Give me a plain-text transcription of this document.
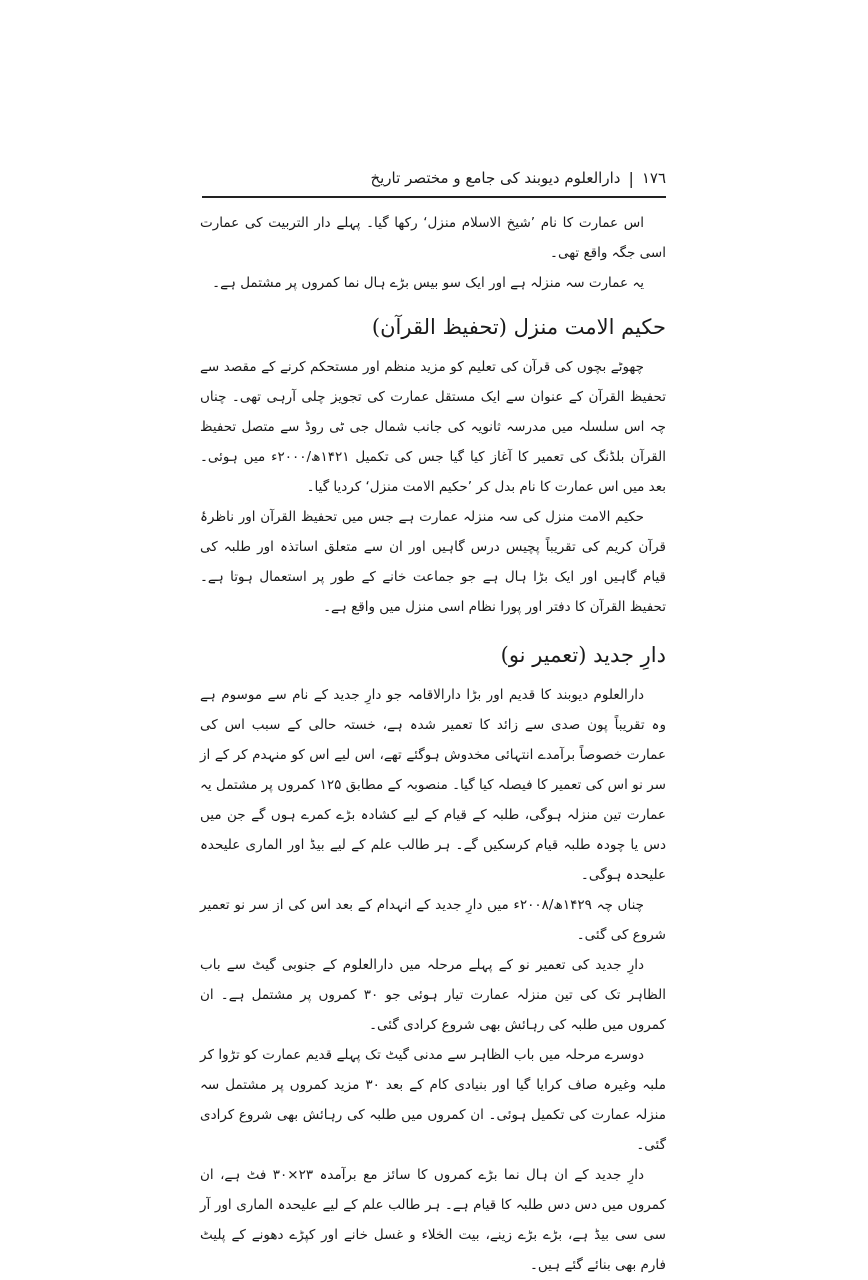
١٧٦
|
دارالعلوم دیوبند کی جامع و مختصر تاریخ

اس عمارت کا نام ’شیخ الاسلام منزل‘ رکھا گیا۔ پہلے دار التربیت کی عمارت اسی جگہ واقع تھی۔

یہ عمارت سہ منزلہ ہے اور ایک سو بیس بڑے ہال نما کمروں پر مشتمل ہے۔

حکیم الامت منزل (تحفیظ القرآن)

چھوٹے بچوں کی قرآن کی تعلیم کو مزید منظم اور مستحکم کرنے کے مقصد سے تحفیظ القرآن کے عنوان سے ایک مستقل عمارت کی تجویز چلی آرہی تھی۔ چناں چہ اس سلسلہ میں مدرسہ ثانویہ کی جانب شمال جی ٹی روڈ سے متصل تحفیظ القرآن بلڈنگ کی تعمیر کا آغاز کیا گیا جس کی تکمیل ۱۴۲۱ھ/۲۰۰۰ء میں ہوئی۔ بعد میں اس عمارت کا نام بدل کر ’حکیم الامت منزل‘ کردیا گیا۔

حکیم الامت منزل کی سہ منزلہ عمارت ہے جس میں تحفیظ القرآن اور ناظرۂ قرآن کریم کی تقریباً پچیس درس گاہیں اور ان سے متعلق اساتذہ اور طلبہ کی قیام گاہیں اور ایک بڑا ہال ہے جو جماعت خانے کے طور پر استعمال ہوتا ہے۔ تحفیظ القرآن کا دفتر اور پورا نظام اسی منزل میں واقع ہے۔

دارِ جدید (تعمیر نو)

دارالعلوم دیوبند کا قدیم اور بڑا دارالاقامہ جو دارِ جدید کے نام سے موسوم ہے وہ تقریباً پون صدی سے زائد کا تعمیر شدہ ہے، خستہ حالی کے سبب اس کی عمارت خصوصاً برآمدے انتہائی مخدوش ہوگئے تھے، اس لیے اس کو منہدم کر کے از سر نو اس کی تعمیر کا فیصلہ کیا گیا۔ منصوبہ کے مطابق ۱۲۵ کمروں پر مشتمل یہ عمارت تین منزلہ ہوگی، طلبہ کے قیام کے لیے کشادہ بڑے کمرے ہوں گے جن میں دس یا چودہ طلبہ قیام کرسکیں گے۔ ہر طالب علم کے لیے بیڈ اور الماری علیحدہ علیحدہ ہوگی۔

چناں چہ ۱۴۲۹ھ/۲۰۰۸ء میں دارِ جدید کے انہدام کے بعد اس کی از سر نو تعمیر شروع کی گئی۔

دارِ جدید کی تعمیر نو کے پہلے مرحلہ میں دارالعلوم کے جنوبی گیٹ سے باب الظاہر تک کی تین منزلہ عمارت تیار ہوئی جو ۳۰ کمروں پر مشتمل ہے۔ ان کمروں میں طلبہ کی رہائش بھی شروع کرادی گئی۔

دوسرے مرحلہ میں باب الظاہر سے مدنی گیٹ تک پہلے قدیم عمارت کو تڑوا کر ملبہ وغیرہ صاف کرایا گیا اور بنیادی کام کے بعد ۳۰ مزید کمروں پر مشتمل سہ منزلہ عمارت کی تکمیل ہوئی۔ ان کمروں میں طلبہ کی رہائش بھی شروع کرادی گئی۔

دارِ جدید کے ان ہال نما بڑے کمروں کا سائز مع برآمدہ ۲۳×۳۰ فٹ ہے، ان کمروں میں دس دس طلبہ کا قیام ہے۔ ہر طالب علم کے لیے علیحدہ الماری اور آر سی سی بیڈ ہے، بڑے بڑے زینے، بیت الخلاء و غسل خانے اور کپڑے دھونے کے پلیٹ فارم بھی بنائے گئے ہیں۔
